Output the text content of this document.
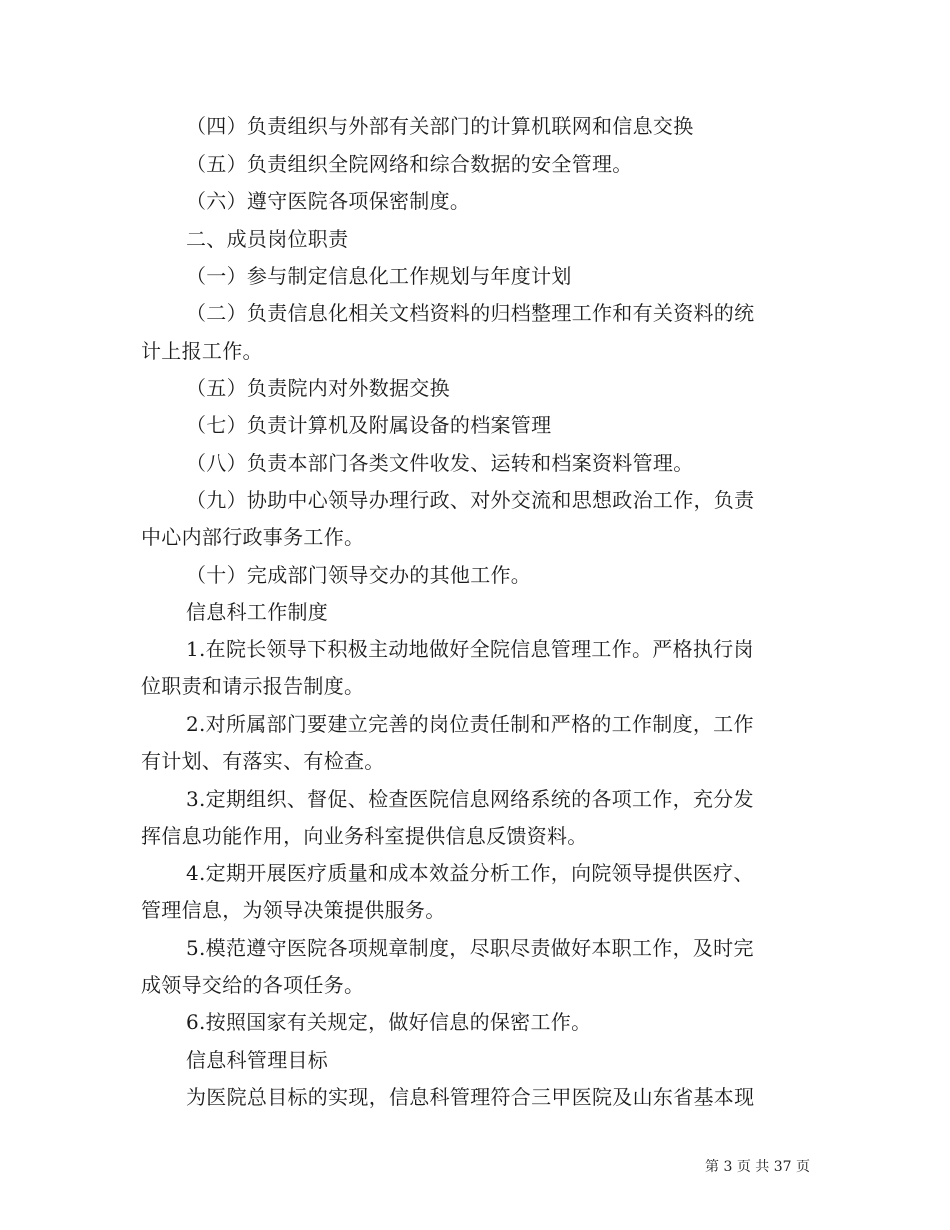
（四）负责组织与外部有关部门的计算机联网和信息交换
（五）负责组织全院网络和综合数据的安全管理。
（六）遵守医院各项保密制度。
二、成员岗位职责
（一）参与制定信息化工作规划与年度计划
（二）负责信息化相关文档资料的归档整理工作和有关资料的统
计上报工作。
（五）负责院内对外数据交换
（七）负责计算机及附属设备的档案管理
（八）负责本部门各类文件收发、运转和档案资料管理。
（九）协助中心领导办理行政、对外交流和思想政治工作，负责
中心内部行政事务工作。
（十）完成部门领导交办的其他工作。
信息科工作制度
1.在院长领导下积极主动地做好全院信息管理工作。严格执行岗
位职责和请示报告制度。
2.对所属部门要建立完善的岗位责任制和严格的工作制度，工作
有计划、有落实、有检查。
3.定期组织、督促、检查医院信息网络系统的各项工作，充分发
挥信息功能作用，向业务科室提供信息反馈资料。
4.定期开展医疗质量和成本效益分析工作，向院领导提供医疗、
管理信息，为领导决策提供服务。
5.模范遵守医院各项规章制度，尽职尽责做好本职工作，及时完
成领导交给的各项任务。
6.按照国家有关规定，做好信息的保密工作。
信息科管理目标
为医院总目标的实现，信息科管理符合三甲医院及山东省基本现
第 3 页 共 37 页
